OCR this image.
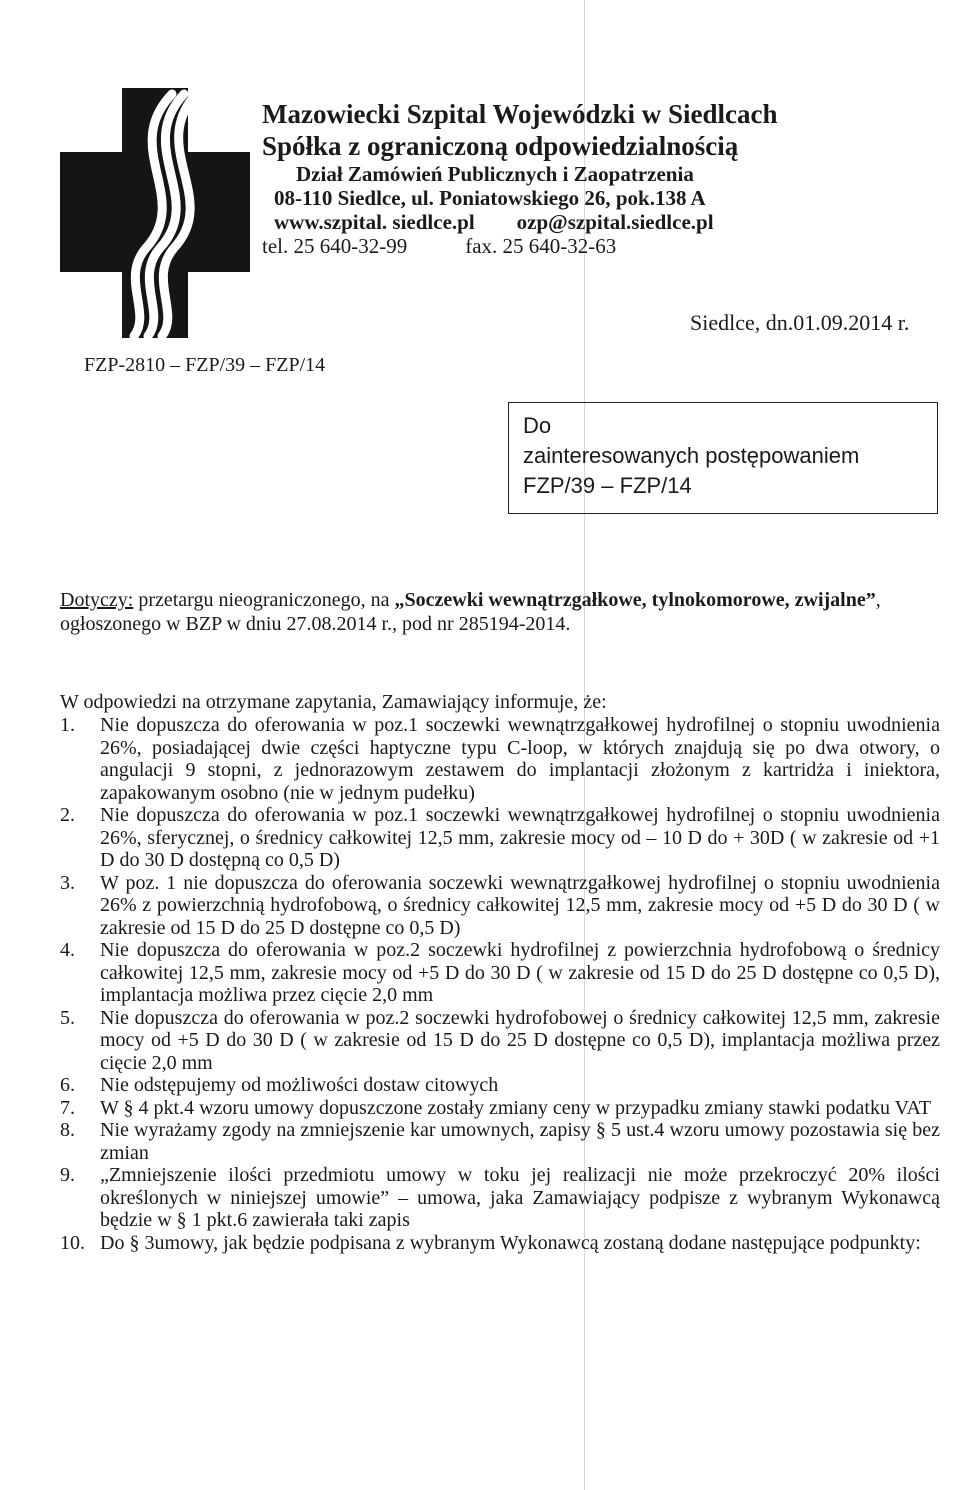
Mazowiecki Szpital Wojewódzki w Siedlcach
Spółka z ograniczoną odpowiedzialnością
Dział Zamówień Publicznych i Zaopatrzenia
08-110 Siedlce, ul. Poniatowskiego 26, pok.138 A
www.szpital. siedlce.pl ozp@szpital.siedlce.pl
tel. 25 640-32-99	fax. 25 640-32-63
Siedlce, dn.01.09.2014 r.
FZP-2810 – FZP/39 – FZP/14
Do
zainteresowanych postępowaniem
FZP/39 – FZP/14
Dotyczy: przetargu nieograniczonego, na „Soczewki wewnątrzgałkowe, tylnokomorowe, zwijalne”, ogłoszonego w BZP w dniu 27.08.2014 r., pod nr 285194-2014.
W odpowiedzi na otrzymane zapytania, Zamawiający informuje, że:
1.	Nie dopuszcza do oferowania w poz.1 soczewki wewnątrzgałkowej hydrofilnej o stopniu uwodnienia 26%, posiadającej dwie części haptyczne typu C-loop, w których znajdują się po dwa otwory, o angulacji 9 stopni, z jednorazowym zestawem do implantacji złożonym z kartridża i iniektora, zapakowanym osobno (nie w jednym pudełku)
2.	Nie dopuszcza do oferowania w poz.1 soczewki wewnątrzgałkowej hydrofilnej o stopniu uwodnienia 26%, sferycznej, o średnicy całkowitej 12,5 mm, zakresie mocy od – 10 D do + 30D ( w zakresie od +1 D do 30 D dostępną co 0,5 D)
3.	W poz. 1 nie dopuszcza do oferowania soczewki wewnątrzgałkowej hydrofilnej o stopniu uwodnienia 26% z powierzchnią hydrofobową, o średnicy całkowitej 12,5 mm, zakresie mocy od +5 D do 30 D ( w zakresie od 15 D do 25 D dostępne co 0,5 D)
4.	Nie dopuszcza do oferowania w poz.2 soczewki hydrofilnej z powierzchnia hydrofobową o średnicy całkowitej 12,5 mm, zakresie mocy od +5 D do 30 D ( w zakresie od 15 D do 25 D dostępne co 0,5 D), implantacja możliwa przez cięcie 2,0 mm
5.	Nie dopuszcza do oferowania w poz.2 soczewki hydrofobowej o średnicy całkowitej 12,5 mm, zakresie mocy od +5 D do 30 D ( w zakresie od 15 D do 25 D dostępne co 0,5 D), implantacja możliwa przez cięcie 2,0 mm
6.	Nie odstępujemy od możliwości dostaw citowych
7.	W § 4 pkt.4 wzoru umowy dopuszczone zostały zmiany ceny w przypadku zmiany stawki podatku VAT
8.	Nie wyrażamy zgody na zmniejszenie kar umownych, zapisy § 5 ust.4 wzoru umowy pozostawia się bez zmian
9.	„Zmniejszenie ilości przedmiotu umowy w toku jej realizacji nie może przekroczyć 20% ilości określonych w niniejszej umowie” – umowa, jaka Zamawiający podpisze z wybranym Wykonawcą będzie w § 1 pkt.6 zawierała taki zapis
10. Do § 3umowy, jak będzie podpisana z wybranym Wykonawcą zostaną dodane następujące podpunkty:
